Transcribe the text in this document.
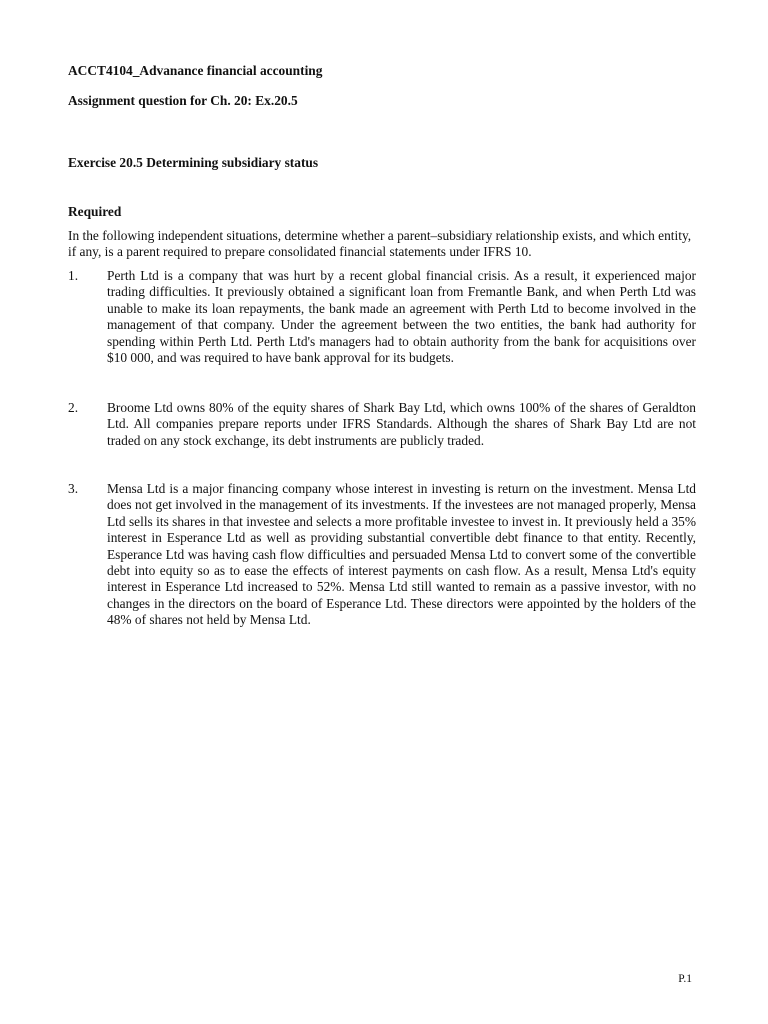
ACCT4104_Advanance financial accounting

Assignment question for Ch. 20: Ex.20.5

Exercise 20.5 Determining subsidiary status

Required

In the following independent situations, determine whether a parent–subsidiary relationship exists, and which entity, if any, is a parent required to prepare consolidated financial statements under IFRS 10.

1.	Perth Ltd is a company that was hurt by a recent global financial crisis. As a result, it experienced major trading difficulties. It previously obtained a significant loan from Fremantle Bank, and when Perth Ltd was unable to make its loan repayments, the bank made an agreement with Perth Ltd to become involved in the management of that company. Under the agreement between the two entities, the bank had authority for spending within Perth Ltd. Perth Ltd's managers had to obtain authority from the bank for acquisitions over $10 000, and was required to have bank approval for its budgets.

2.	Broome Ltd owns 80% of the equity shares of Shark Bay Ltd, which owns 100% of the shares of Geraldton Ltd. All companies prepare reports under IFRS Standards. Although the shares of Shark Bay Ltd are not traded on any stock exchange, its debt instruments are publicly traded.

3.	Mensa Ltd is a major financing company whose interest in investing is return on the investment. Mensa Ltd does not get involved in the management of its investments. If the investees are not managed properly, Mensa Ltd sells its shares in that investee and selects a more profitable investee to invest in. It previously held a 35% interest in Esperance Ltd as well as providing substantial convertible debt finance to that entity. Recently, Esperance Ltd was having cash flow difficulties and persuaded Mensa Ltd to convert some of the convertible debt into equity so as to ease the effects of interest payments on cash flow. As a result, Mensa Ltd's equity interest in Esperance Ltd increased to 52%. Mensa Ltd still wanted to remain as a passive investor, with no changes in the directors on the board of Esperance Ltd. These directors were appointed by the holders of the 48% of shares not held by Mensa Ltd.

P.1
